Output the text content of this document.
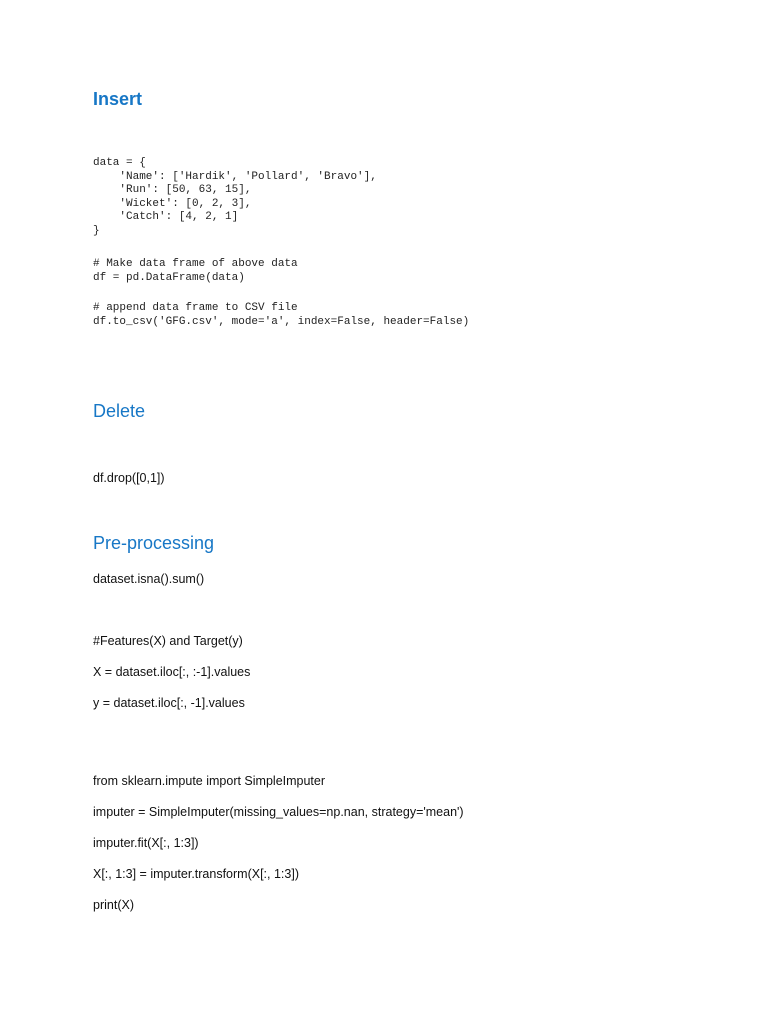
Insert
data = {
'Name': ['Hardik', 'Pollard', 'Bravo'],
'Run': [50, 63, 15],
'Wicket': [0, 2, 3],
'Catch': [4, 2, 1]
}
# Make data frame of above data
df = pd.DataFrame(data)
# append data frame to CSV file
df.to_csv('GFG.csv', mode='a', index=False, header=False)
Delete

df.drop([0,1])

Pre-processing

dataset.isna().sum()

#Features(X) and Target(y)

X = dataset.iloc[:, :-1].values

y = dataset.iloc[:, -1].values

from sklearn.impute import SimpleImputer

imputer = SimpleImputer(missing_values=np.nan, strategy='mean')

imputer.fit(X[:, 1:3])

X[:, 1:3] = imputer.transform(X[:, 1:3])

print(X)
